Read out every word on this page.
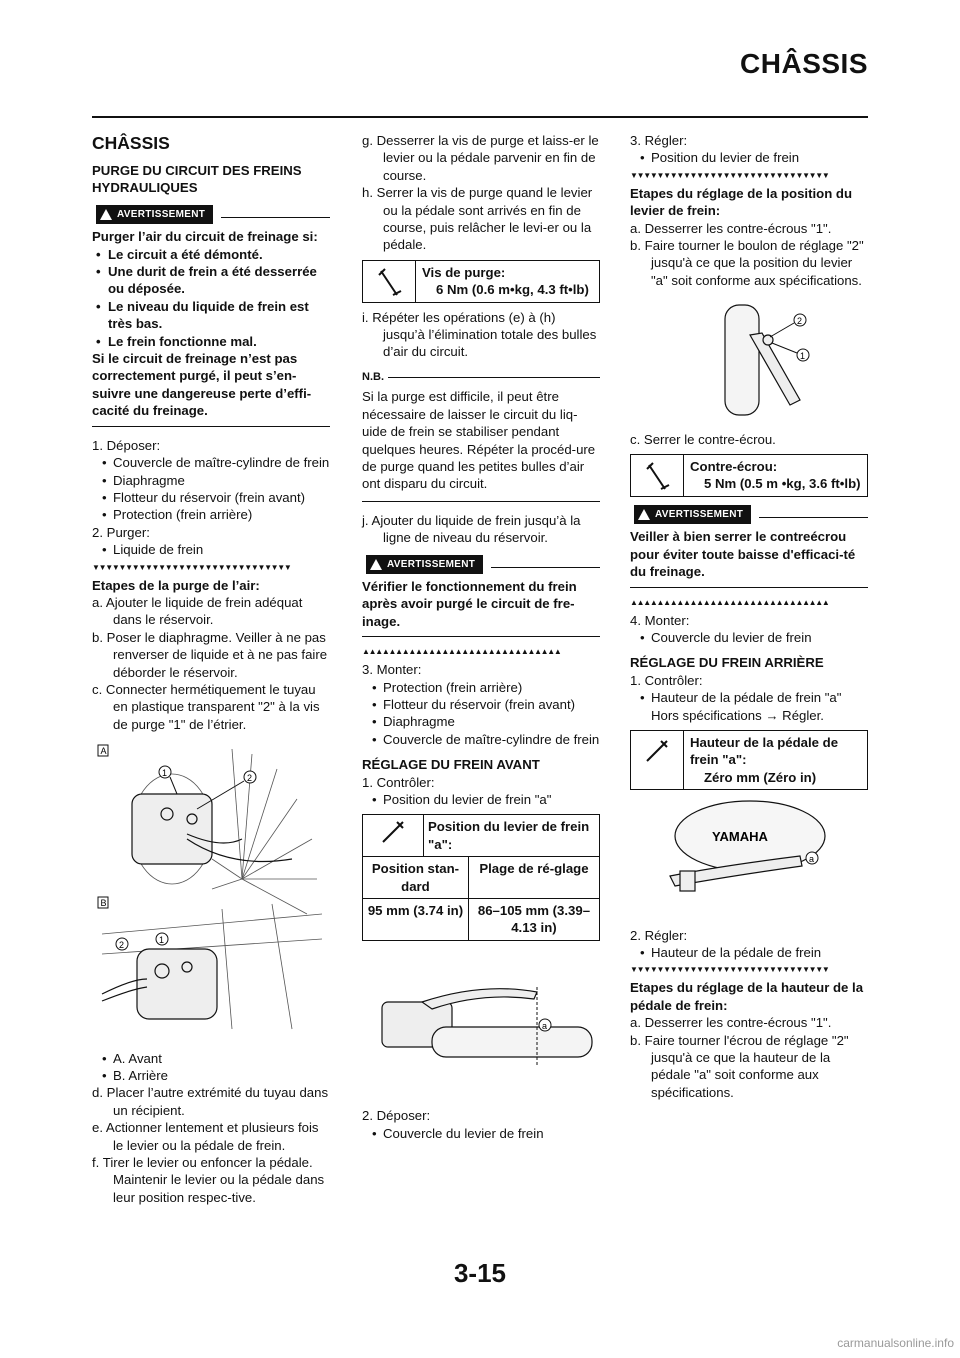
CHÂSSIS
CHÂSSIS
PURGE DU CIRCUIT DES FREINS HYDRAULIQUES
AVERTISSEMENT

Purger l’air du circuit de freinage si:

• Le circuit a été démonté.

• Une durit de frein a été desserrée ou déposée.

• Le niveau du liquide de frein est très bas.

• Le frein fonctionne mal.

Si le circuit de freinage n’est pas correctement purgé, il peut s’en-suivre une dangereuse perte d’effi-cacité du freinage.

1. Déposer:

• Couvercle de maître-cylindre de frein

• Diaphragme

• Flotteur du réservoir (frein avant)

• Protection (frein arrière)

2. Purger:

• Liquide de frein

▼▼▼▼▼▼▼▼▼▼▼▼▼▼▼▼▼▼▼▼▼▼▼▼▼▼▼▼▼▼

Etapes de la purge de l’air:

a. Ajouter le liquide de frein adéquat dans le réservoir.

b. Poser le diaphragme. Veiller à ne pas renverser de liquide et à ne pas faire déborder le réservoir.

c. Connecter hermétiquement le tuyau en plastique transparent "2" à la vis de purge "1" de l’étrier.

A
1	2
B
2	1

• A. Avant

• B. Arrière

d. Placer l’autre extrémité du tuyau dans un récipient.

e. Actionner lentement et plusieurs fois le levier ou la pédale de frein.

f. Tirer le levier ou enfoncer la pédale. Maintenir le levier ou la pédale dans leur position respec-tive.

g. Desserrer la vis de purge et laiss-er le levier ou la pédale parvenir en fin de course.

h. Serrer la vis de purge quand le levier ou la pédale sont arrivés en fin de course, puis relâcher le levi-er ou la pédale.

Vis de purge:

6 Nm (0.6 m•kg, 4.3 ft•lb)

i. Répéter les opérations (e) à (h) jusqu’à l’élimination totale des bulles d’air du circuit.

N.B.
Si la purge est difficile, il peut être nécessaire de laisser le circuit du liq-uide de frein se stabiliser pendant quelques heures. Répéter la procéd-ure de purge quand les petites bulles d’air ont disparu du circuit.

j. Ajouter du liquide de frein jusqu’à la ligne de niveau du réservoir.

AVERTISSEMENT
Vérifier le fonctionnement du frein après avoir purgé le circuit de fre-inage.
▲▲▲▲▲▲▲▲▲▲▲▲▲▲▲▲▲▲▲▲▲▲▲▲▲▲▲▲▲▲

3. Monter:

• Protection (frein arrière)

• Flotteur du réservoir (frein avant)

• Diaphragme

• Couvercle de maître-cylindre de frein

RÉGLAGE DU FREIN AVANT

1. Contrôler:

• Position du levier de frein "a"

	Position du levier de frein "a":	
Position stan-dard		Plage de ré-glage
95 mm (3.74 in)		86–105 mm (3.39–4.13 in)
a

2. Déposer:

• Couvercle du levier de frein

3. Régler:

• Position du levier de frein

▼▼▼▼▼▼▼▼▼▼▼▼▼▼▼▼▼▼▼▼▼▼▼▼▼▼▼▼▼▼

Etapes du réglage de la position du levier de frein:

a. Desserrer les contre-écrous "1".

b. Faire tourner le boulon de réglage "2" jusqu'à ce que la position du levier "a" soit conforme aux spécifications.

2
1

c. Serrer le contre-écrou.

Contre-écrou:

5 Nm (0.5 m •kg, 3.6 ft•lb)

AVERTISSEMENT
Veiller à bien serrer le contreécrou pour éviter toute baisse d'efficaci-té du freinage.
▲▲▲▲▲▲▲▲▲▲▲▲▲▲▲▲▲▲▲▲▲▲▲▲▲▲▲▲▲▲

4. Monter:

• Couvercle du levier de frein

RÉGLAGE DU FREIN ARRIÈRE

1. Contrôler:

• Hauteur de la pédale de frein "a"

Hors spécifications → Régler.

Hauteur de la pédale de frein "a":

Zéro mm (Zéro in)

YAMAHA
a

2. Régler:

• Hauteur de la pédale de frein

▼▼▼▼▼▼▼▼▼▼▼▼▼▼▼▼▼▼▼▼▼▼▼▼▼▼▼▼▼▼

Etapes du réglage de la hauteur de la pédale de frein:

a. Desserrer les contre-écrous "1".

b. Faire tourner l'écrou de réglage "2" jusqu'à ce que la hauteur de la pédale "a" soit conforme aux spécifications.

3-15
carmanualsonline.info
